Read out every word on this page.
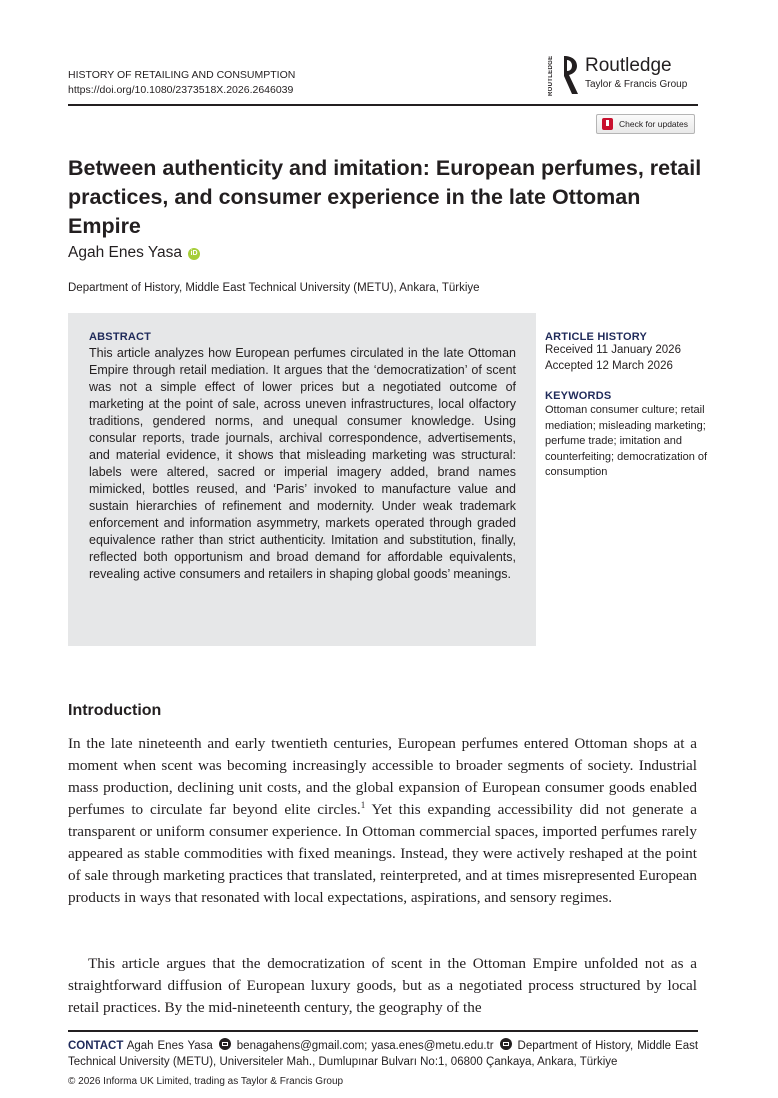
HISTORY OF RETAILING AND CONSUMPTION
https://doi.org/10.1080/2373518X.2026.2646039	ROUTLEDGE Routledge
Taylor & Francis Group
Check for updates
Between authenticity and imitation: European perfumes, retail practices, and consumer experience in the late Ottoman Empire
Agah Enes Yasa iD
Department of History, Middle East Technical University (METU), Ankara, Türkiye
ABSTRACT

This article analyzes how European perfumes circulated in the late Ottoman Empire through retail mediation. It argues that the ‘democratization’ of scent was not a simple effect of lower prices but a negotiated outcome of marketing at the point of sale, across uneven infrastructures, local olfactory traditions, gendered norms, and unequal consumer knowledge. Using consular reports, trade journals, archival correspondence, advertisements, and material evidence, it shows that misleading marketing was structural: labels were altered, sacred or imperial imagery added, brand names mimicked, bottles reused, and ‘Paris’ invoked to manufacture value and sustain hierarchies of refinement and modernity. Under weak trademark enforcement and information asymmetry, markets operated through graded equivalence rather than strict authenticity. Imitation and substitution, finally, reflected both opportunism and broad demand for affordable equivalents, revealing active consumers and retailers in shaping global goods’ meanings.

ARTICLE HISTORY
Received 11 January 2026
Accepted 12 March 2026
KEYWORDS
Ottoman consumer culture; retail mediation; misleading marketing; perfume trade; imitation and counterfeiting; democratization of consumption
Introduction

In the late nineteenth and early twentieth centuries, European perfumes entered Ottoman shops at a moment when scent was becoming increasingly accessible to broader segments of society. Industrial mass production, declining unit costs, and the global expansion of European consumer goods enabled perfumes to circulate far beyond elite circles.$^1$ Yet this expanding accessibility did not generate a transparent or uniform consumer experience. In Ottoman commercial spaces, imported perfumes rarely appeared as stable commodities with fixed meanings. Instead, they were actively reshaped at the point of sale through marketing practices that translated, reinterpreted, and at times misrepresented European products in ways that resonated with local expectations, aspirations, and sensory regimes.

This article argues that the democratization of scent in the Ottoman Empire unfolded not as a straightforward diffusion of European luxury goods, but as a negotiated process structured by local retail practices. By the mid-nineteenth century, the geography of the

CONTACT Agah Enes Yasa benagahens@gmail.com; yasa.enes@metu.edu.tr Department of History, Middle East Technical University (METU), Universiteler Mah., Dumlupınar Bulvarı No:1, 06800 Çankaya, Ankara, Türkiye

© 2026 Informa UK Limited, trading as Taylor & Francis Group
